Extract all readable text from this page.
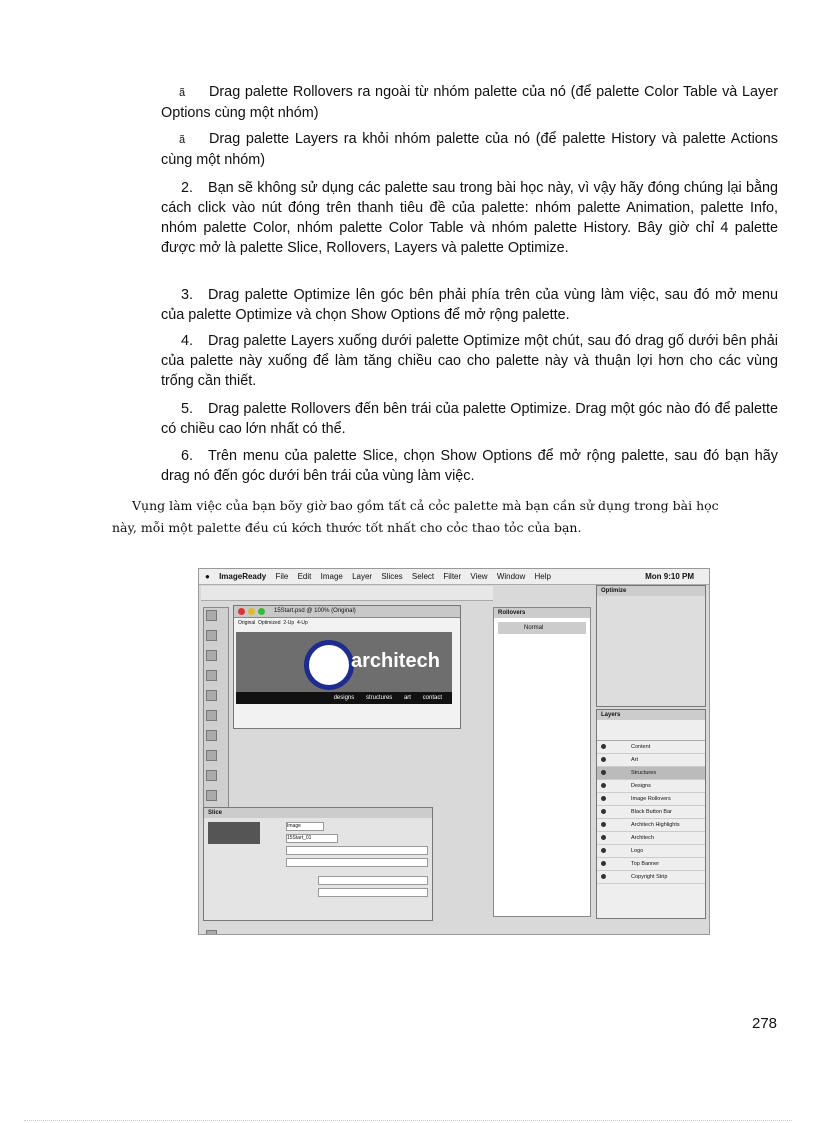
ã Drag palette Rollovers ra ngoài từ nhóm palette của nó (để palette Color Table và Layer Options cùng một nhóm)

ã Drag palette Layers ra khỏi nhóm palette của nó (để palette History và palette Actions cùng một nhóm)

2. Bạn sẽ không sử dụng các palette sau trong bài học này, vì vậy hãy đóng chúng lại bằng cách click vào nút đóng trên thanh tiêu đề của palette: nhóm palette Animation, palette Info, nhóm palette Color, nhóm palette Color Table và nhóm palette History. Bây giờ chỉ 4 palette được mở là palette Slice, Rollovers, Layers và palette Optimize.

3. Drag palette Optimize lên góc bên phải phía trên của vùng làm việc, sau đó mở menu của palette Optimize và chọn Show Options để mở rộng palette.

4. Drag palette Layers xuống dưới palette Optimize một chút, sau đó drag gố dưới bên phải của palette này xuống để làm tăng chiều cao cho palette này và thuận lợi hơn cho các vùng trống cần thiết.

5. Drag palette Rollovers đến bên trái của palette Optimize. Drag một góc nào đó để palette có chiều cao lớn nhất có thể.

6. Trên menu của palette Slice, chọn Show Options để mở rộng palette, sau đó bạn hãy drag nó đến góc dưới bên trái của vùng làm việc.

Vụng làm việc của bạn bõy giờ bao gồm tất cả cỏc palette mà bạn cần sử dụng trong bài học

này, mỗi một palette đều cú kớch thước tốt nhất cho cỏc thao tỏc của bạn.

● ImageReady File Edit Image Layer Slices Select Filter View Window Help	Mon 9:10 PM

15Start.psd @ 100% (Original)
Original Optimized 2-Up 4-Up
architech
designs structures art contact
Rollovers
Normal
Optimize
Layers
Content
Art
Structures
Designs
Image Rollovers
Black Button Bar
Architech Highlights
Architech
Logo
Top Banner
Copyright Strip
Slice
Image
15Start_01
278
